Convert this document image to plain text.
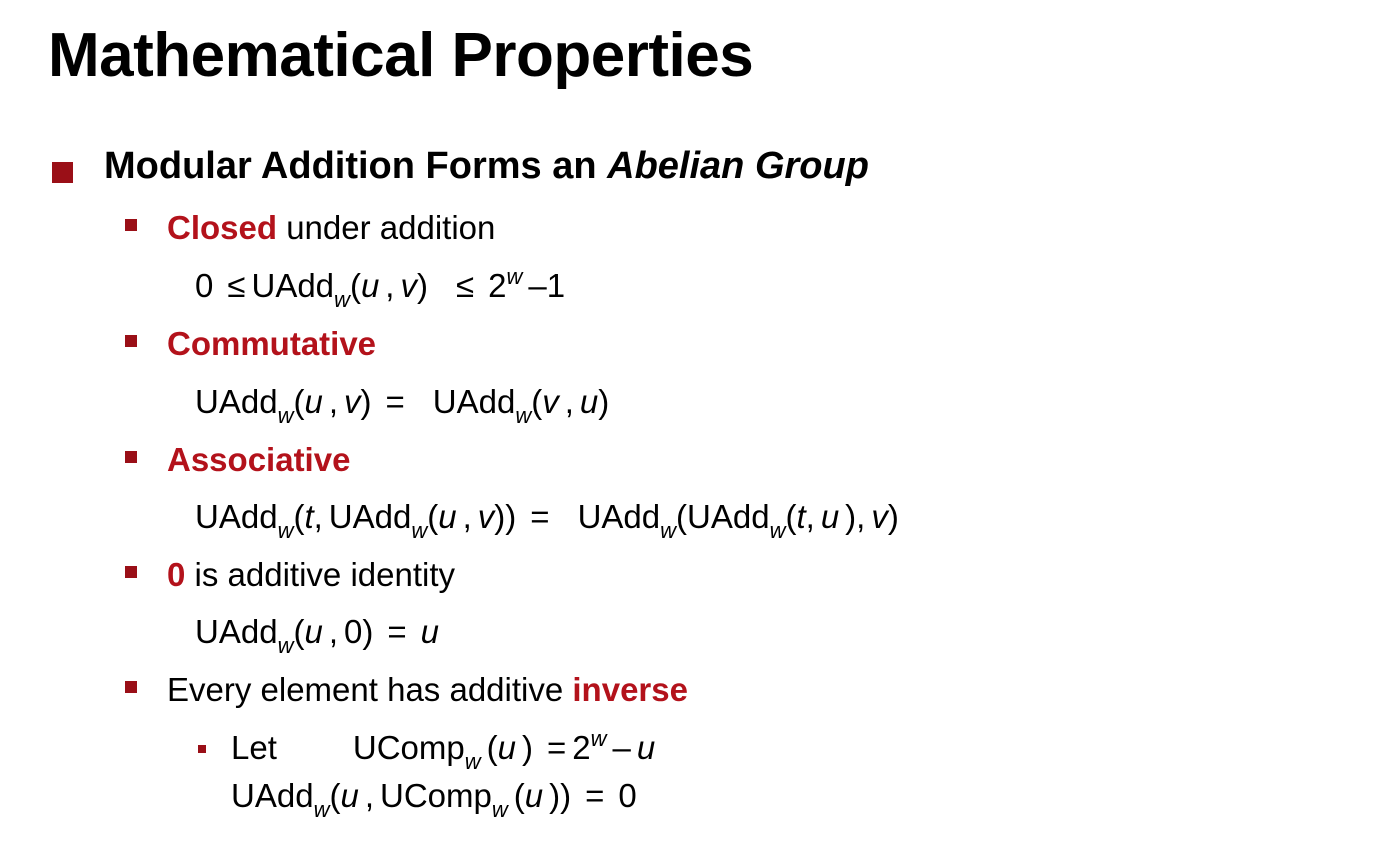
Mathematical Properties
Modular Addition Forms an Abelian Group
Closed under addition
0 ≤ UAdd$_w$(u , $v) \le 2^w$ –1
Commutative
UAdd$_w$(u , v) = UAdd$_w$(v , u)
Associative
UAdd$_w$(t, UAdd$_w$(u , v)) = UAdd$_w$(UAdd$_w$(t, u ), v)
0 is additive identity
UAdd$_w$(u , 0) = u
Every element has additive inverse
Let UComp$_w$ (u ) = $2^w$ – u
UAdd$_w$(u , UComp$_w$ (u )) = 0
